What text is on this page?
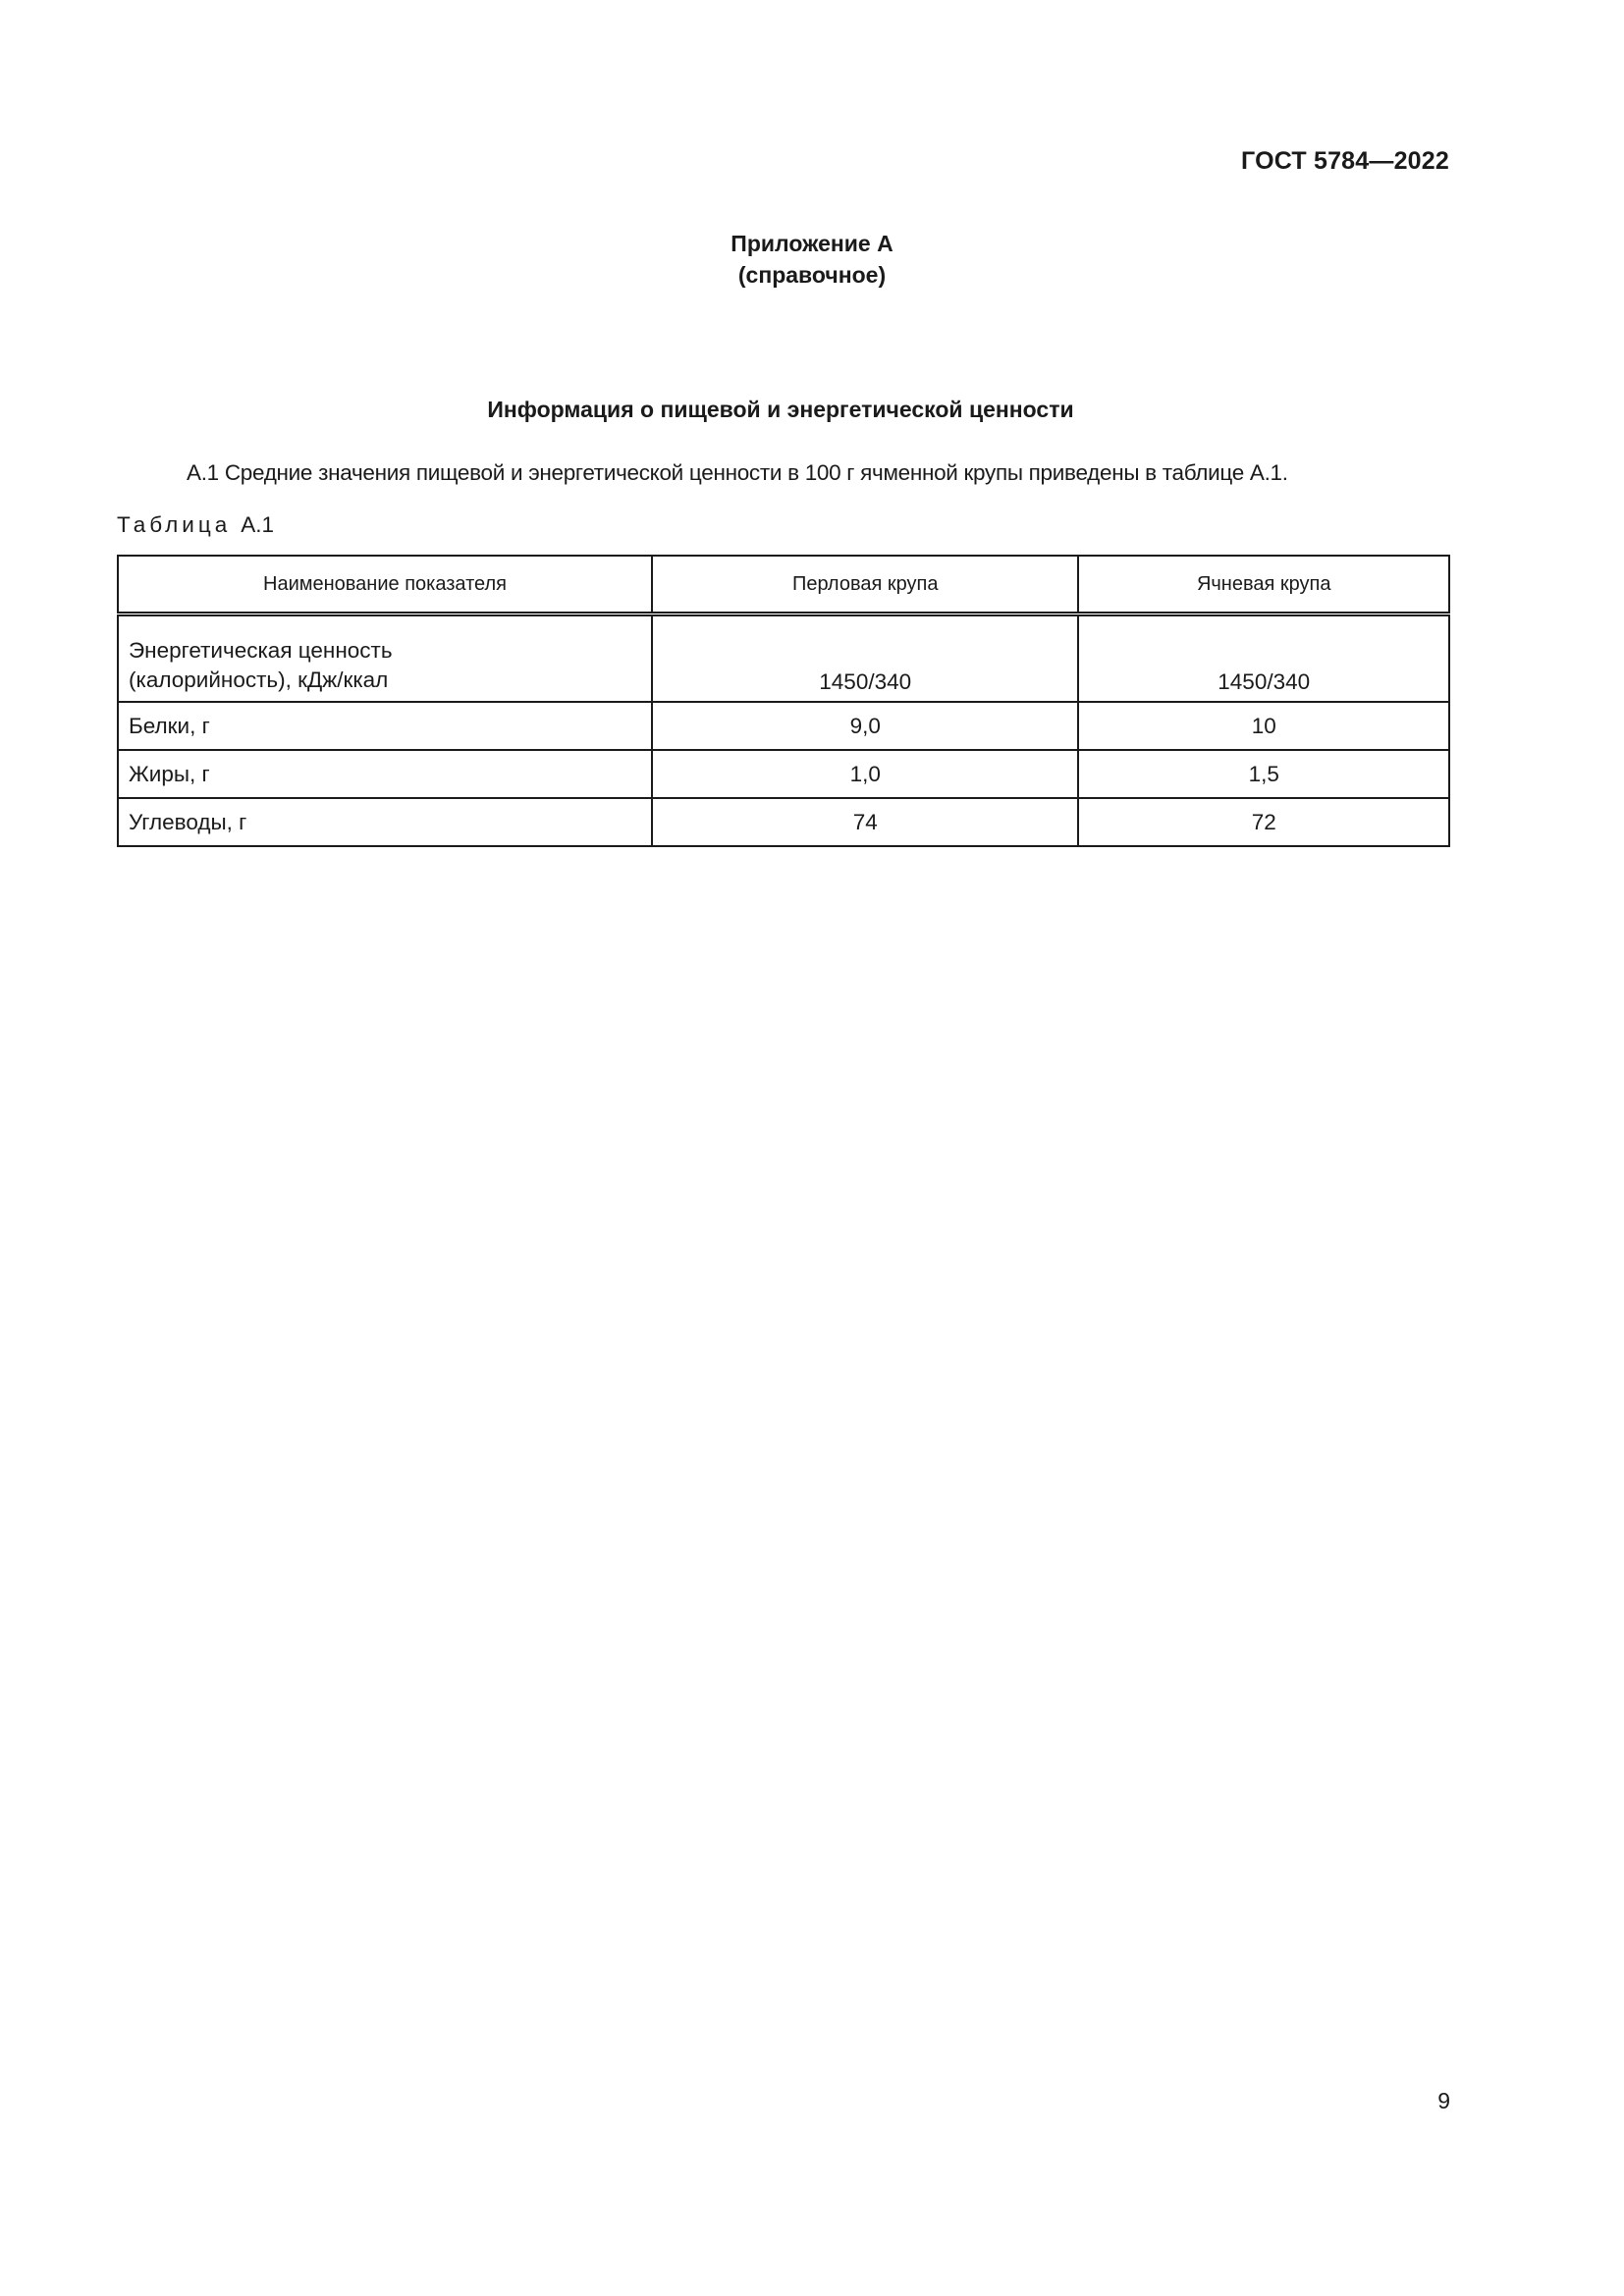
ГОСТ 5784—2022
Приложение А
(справочное)
Информация о пищевой и энергетической ценности
А.1 Средние значения пищевой и энергетической ценности в 100 г ячменной крупы приведены в таблице А.1.
Таблица А.1
Наименование показателя	Перловая крупа	Ячневая крупа

Энергетическая ценность
(калорийность), кДж/ккал	1450/340	1450/340
Белки, г	9,0	10
Жиры, г	1,0	1,5
Углеводы, г	74	72
9
